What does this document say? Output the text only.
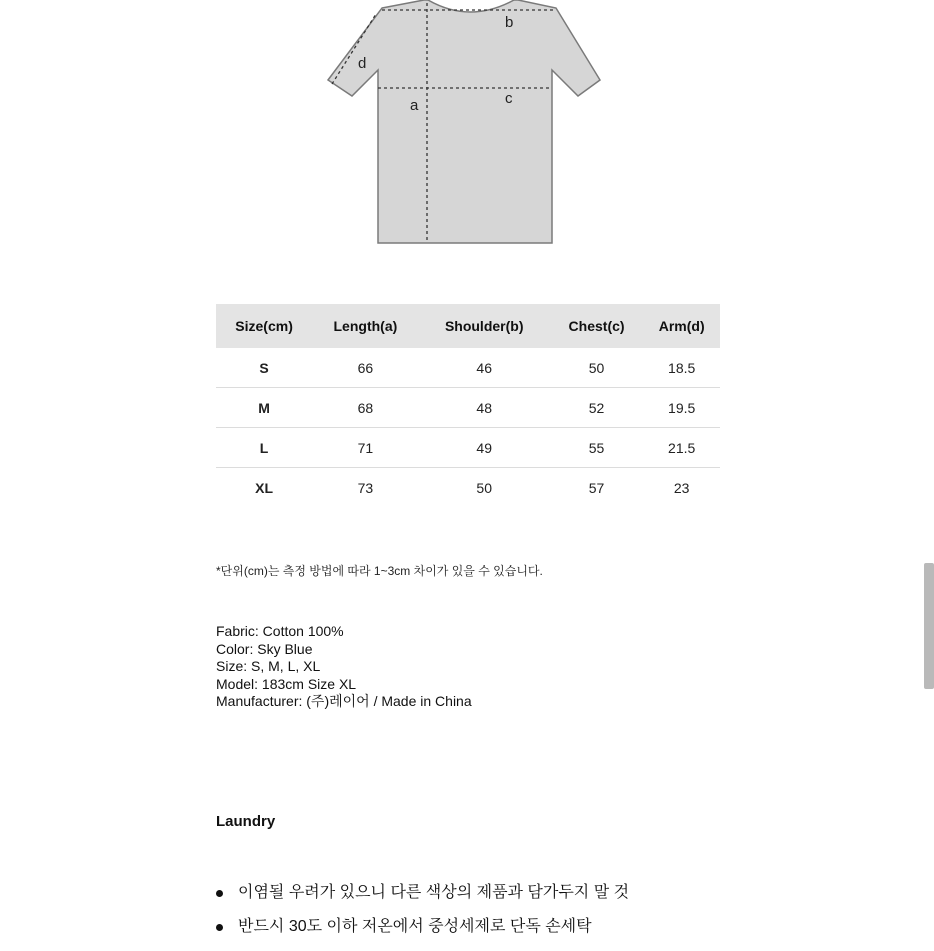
b
d
c
a
Size(cm)	Length(a)	Shoulder(b)	Chest(c)	Arm(d)
S	66	46	50	18.5
M	68	48	52	19.5
L	71	49	55	21.5
XL	73	50	57	23
*단위(cm)는 측정 방법에 따라 1~3cm 차이가 있을 수 있습니다.
Fabric: Cotton 100%
Color: Sky Blue
Size: S, M, L, XL
Model: 183cm Size XL
Manufacturer: (주)레이어 / Made in China
Laundry
이염될 우려가 있으니 다른 색상의 제품과 담가두지 말 것
반드시 30도 이하 저온에서 중성세제로 단독 손세탁
